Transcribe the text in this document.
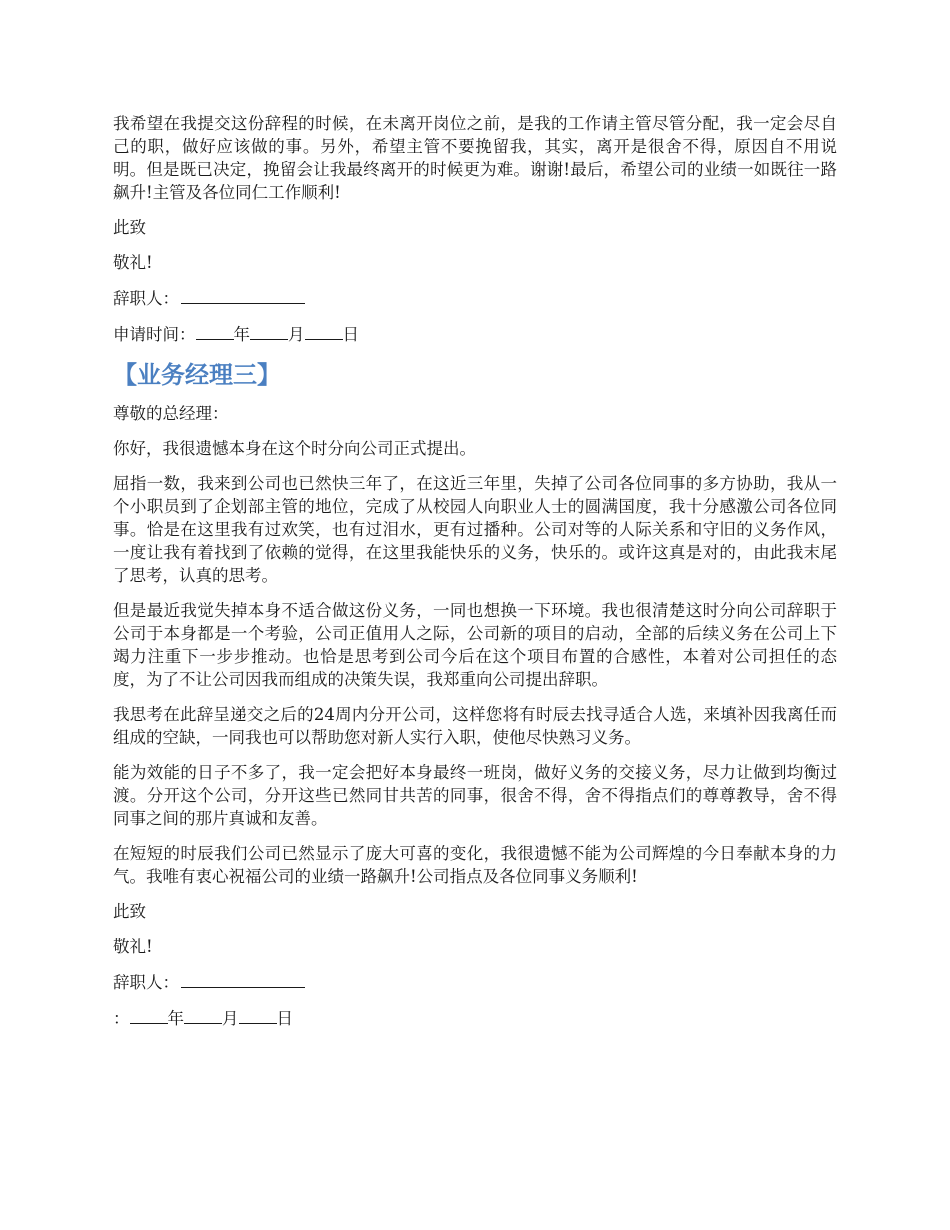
我希望在我提交这份辞程的时候，在未离开岗位之前，是我的工作请主管尽管分配，我一定会尽自己的职，做好应该做的事。另外，希望主管不要挽留我，其实，离开是很舍不得，原因自不用说明。但是既已决定，挽留会让我最终离开的时候更为难。谢谢!最后，希望公司的业绩一如既往一路飙升!主管及各位同仁工作顺利!

此致

敬礼!

辞职人：

申请时间： 年 月 日

【业务经理三】

尊敬的总经理：

你好，我很遗憾本身在这个时分向公司正式提出。

屈指一数，我来到公司也已然快三年了，在这近三年里，失掉了公司各位同事的多方协助，我从一个小职员到了企划部主管的地位，完成了从校园人向职业人士的圆满国度，我十分感激公司各位同事。恰是在这里我有过欢笑，也有过泪水，更有过播种。公司对等的人际关系和守旧的义务作风，一度让我有着找到了依赖的觉得，在这里我能快乐的义务，快乐的。或许这真是对的，由此我末尾了思考，认真的思考。

但是最近我觉失掉本身不适合做这份义务，一同也想换一下环境。我也很清楚这时分向公司辞职于公司于本身都是一个考验，公司正值用人之际，公司新的项目的启动，全部的后续义务在公司上下竭力注重下一步步推动。也恰是思考到公司今后在这个项目布置的合感性，本着对公司担任的态度，为了不让公司因我而组成的决策失误，我郑重向公司提出辞职。

我思考在此辞呈递交之后的24周内分开公司，这样您将有时辰去找寻适合人选，来填补因我离任而组成的空缺，一同我也可以帮助您对新人实行入职，使他尽快熟习义务。

能为效能的日子不多了，我一定会把好本身最终一班岗，做好义务的交接义务，尽力让做到均衡过渡。分开这个公司，分开这些已然同甘共苦的同事，很舍不得，舍不得指点们的尊尊教导，舍不得同事之间的那片真诚和友善。

在短短的时辰我们公司已然显示了庞大可喜的变化，我很遗憾不能为公司辉煌的今日奉献本身的力气。我唯有衷心祝福公司的业绩一路飙升!公司指点及各位同事义务顺利!

此致

敬礼!

辞职人：

： 年 月 日
